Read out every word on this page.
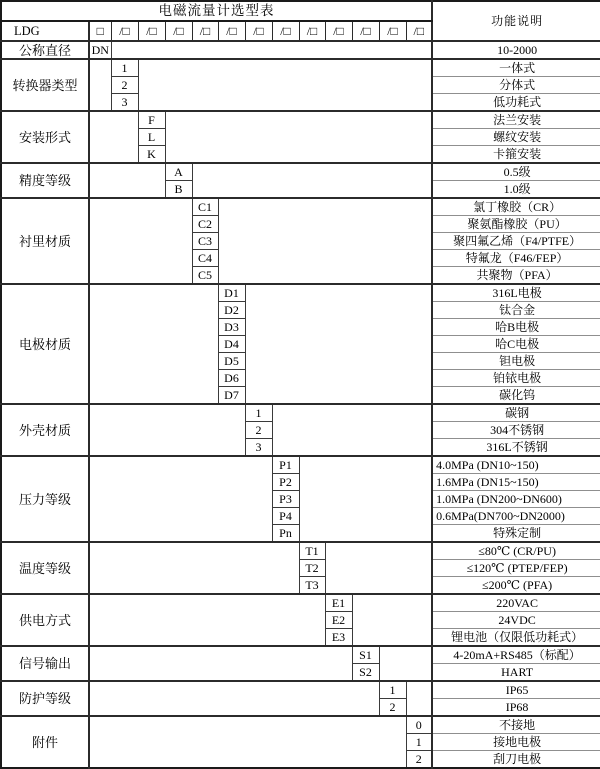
电磁流量计选型表														功能说明
LDG	□	/□	/□	/□	/□	/□	/□	/□	/□	/□	/□	/□	/□	
公称直径	DN													10-2000
转换器类型		1												一体式
		2												分体式
		3												低功耗式
安装形式			F											法兰安装
			L											螺纹安装
			K											卡箍安装
精度等级				A										0.5级
				B										1.0级
衬里材质					C1									氯丁橡胶（CR）
					C2									聚氨酯橡胶（PU）
					C3									聚四氟乙烯（F4/PTFE）
					C4									特氟龙（F46/FEP）
					C5									共聚物（PFA）
电极材质						D1								316L电极
						D2								钛合金
						D3								哈B电极
						D4								哈C电极
						D5								钽电极
						D6								铂铱电极
						D7								碳化钨
外壳材质							1							碳钢
							2							304不锈钢
							3							316L不锈钢
压力等级								P1						4.0MPa (DN10~150)
								P2						1.6MPa (DN15~150)
								P3						1.0MPa (DN200~DN600)
								P4						0.6MPa(DN700~DN2000)
								Pn						特殊定制
温度等级									T1					≤80℃ (CR/PU)
									T2					≤120℃ (PTEP/FEP)
									T3					≤200℃ (PFA)
供电方式										E1				220VAC
										E2				24VDC
										E3				锂电池（仅限低功耗式）
信号输出											S1			4-20mA+RS485（标配）
											S2			HART
防护等级												1		IP65
												2		IP68
附件													0	不接地
													1	接地电极
													2	刮刀电极
